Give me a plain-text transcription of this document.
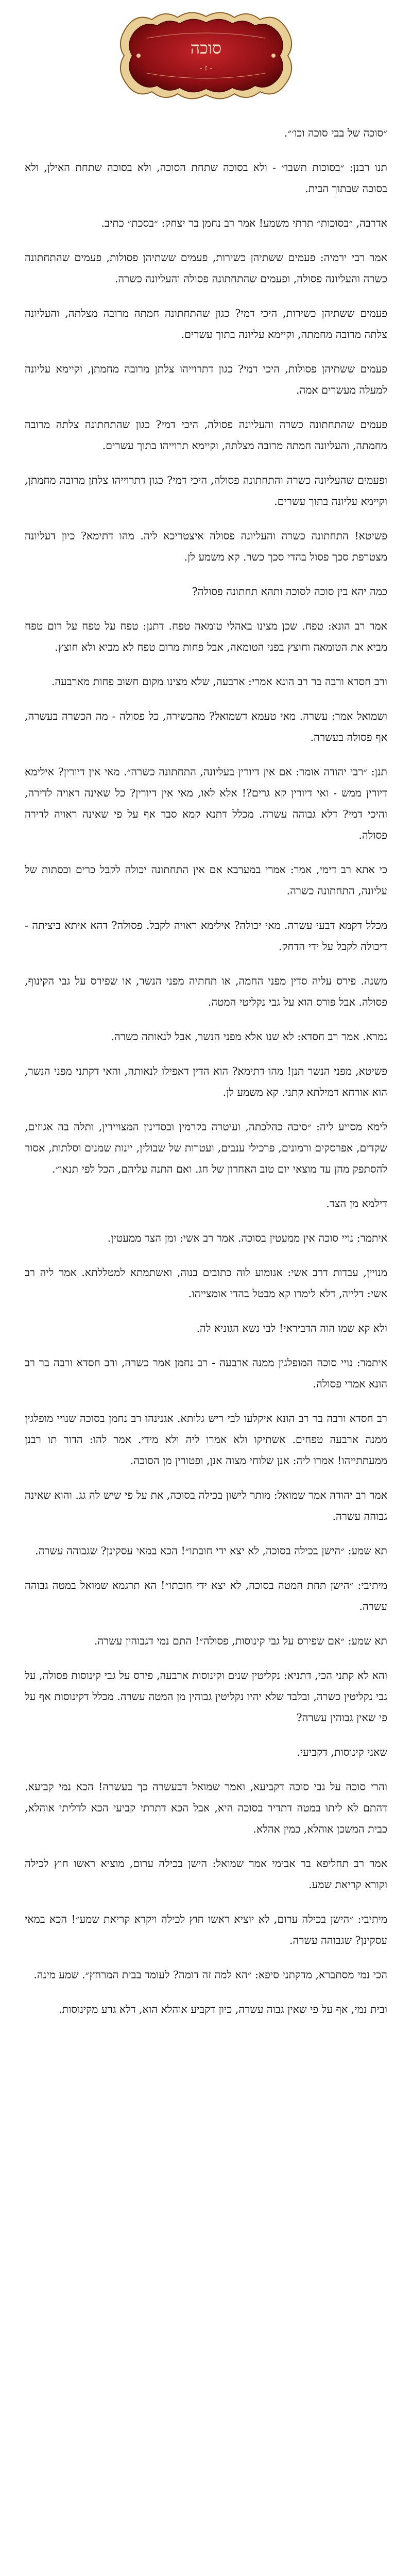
סוכה
- ז -

״סוכה של בבי סוכה וכו׳״.

תנו רבנן: ״בסוכות תשבו״ - ולא בסוכה שתחת הסוכה, ולא בסוכה שתחת האילן, ולא בסוכה שבתוך הבית.

אדרבה, ״בסוכות״ תרתי משמע! אמר רב נחמן בר יצחק: ״בסכת״ כתיב.

אמר רבי ירמיה: פעמים ששתיהן כשירות, פעמים ששתיהן פסולות, פעמים שהתחתונה כשרה והעליונה פסולה, ופעמים שהתחתונה פסולה והעליונה כשרה.

פעמים ששתיהן כשירות, היכי דמי? כגון שהתחתונה חמתה מרובה מצלתה, והעליונה צלתה מרובה מחמתה, וקיימא עליונה בתוך עשרים.

פעמים ששתיהן פסולות, היכי דמי? כגון דתרוייהו צלתן מרובה מחמתן, וקיימא עליונה למעלה מעשרים אמה.

פעמים שהתחתונה כשרה והעליונה פסולה, היכי דמי? כגון שהתחתונה צלתה מרובה מחמתה, והעליונה חמתה מרובה מצלתה, וקיימא תרוייהו בתוך עשרים.

ופעמים שהעליונה כשרה והתחתונה פסולה, היכי דמי? כגון דתרוייהו צלתן מרובה מחמתן, וקיימא עליונה בתוך עשרים.

פשיטא! התחתונה כשרה והעליונה פסולה איצטריכא ליה. מהו דתימא? כיון דעליונה מצטרפת סכך פסול בהדי סכך כשר. קא משמע לן.

כמה יהא בין סוכה לסוכה ותהא תחתונה פסולה?

אמר רב הונא: טפח. שכן מצינו באהלי טומאה טפח. דתנן: טפח על טפח על רום טפח מביא את הטומאה וחוצץ בפני הטומאה, אבל פחות מרום טפח לא מביא ולא חוצץ.

ורב חסדא ורבה בר רב הונא אמרי: ארבעה, שלא מצינו מקום חשוב פחות מארבעה.

ושמואל אמר: עשרה. מאי טעמא דשמואל? מהכשירה, כל פסולה - מה הכשרה בעשרה, אף פסולה בעשרה.

תנן: ״רבי יהודה אומר: אם אין דיורין בעליונה, התחתונה כשרה״. מאי אין דיורין? אילימא דיורין ממש - ואי דיורין קא גרים?! אלא לאו, מאי אין דיורין? כל שאינה ראויה לדירה, והיכי דמי? דלא גבוהה עשרה. מכלל דתנא קמא סבר אף על פי שאינה ראויה לדירה פסולה.

כי אתא רב דימי, אמר: אמרי במערבא אם אין התחתונה יכולה לקבל כרים וכסתות של עליונה, התחתונה כשרה.

מכלל דקמא דבעי עשרה. מאי יכולה? אילימא ראויה לקבל. פסולה? דהא איתא ביציתה - דיכולה לקבל על ידי הדחק.

משנה. פירס עליה סדין מפני החמה, או תחתיה מפני הנשר, או שפירס על גבי הקינוף, פסולה. אבל פורס הוא על גבי נקליטי המטה.

גמרא. אמר רב חסדא: לא שנו אלא מפני הנשר, אבל לנאותה כשרה.

פשיטא, מפני הנשר תנן! מהו דתימא? הוא הדין דאפילו לנאותה, והאי דקתני מפני הנשר, הוא אורחא דמילתא קתני. קא משמע לן.

לימא מסייע ליה: ״סיכה כהלכתה, ועיטרה בקרמין ובסדינין המצויירין, ותלה בה אגוזים, שקדים, אפרסקים ורמונים, פרכילי ענבים, ועטרות של שבולין, יינות שמנים וסלתות, אסור להסתפק מהן עד מוצאי יום טוב האחרון של חג. ואם התנה עליהם, הכל לפי תנאו״.

דילמא מן הצד.

איתמר: נויי סוכה אין ממעטין בסוכה. אמר רב אשי: ומן הצד ממעטין.

מנויין, עבדות דרב אשי: אגומוע לוה כתובים בנוה, ואשתמתא למטללתא. אמר ליה רב אשי: דלייה, דלא לימרו קא מבטל בהדי אומצייהו.

ולא קא שמו הוה הדביראי! לבי נשא הגוניא לה.

איתמר: נויי סוכה המופלגין ממנה ארבעה - רב נחמן אמר כשרה, ורב חסדא ורבה בר רב הונא אמרי פסולה.

רב חסדא ורבה בר רב הונא איקלעו לבי ריש גלותא. אגנינהו רב נחמן בסוכה שנויי מופלגין ממנה ארבעה טפחים. אשתיקו ולא אמרו ליה ולא מידי. אמר להו: הדור תו רבנן ממעתתייהו! אמרו ליה: אנן שלוחי מצוה אנן, ופטורין מן הסוכה.

אמר רב יהודה אמר שמואל: מותר לישון בכילה בסוכה, את על פי שיש לה גג. והוא שאינה גבוהה עשרה.

תא שמע: ״הישן בכילה בסוכה, לא יצא ידי חובתו״! הכא במאי עסקינן? שגבוהה עשרה.

מיתיבי: ״הישן תחת המטה בסוכה, לא יצא ידי חובתו״! הא תרגמא שמואל במטה גבוהה עשרה.

תא שמע: ״אם שפירס על גבי קינוסות, פסולה״! התם נמי דגבוהין עשרה.

והא לא קתני הכי, דתניא: נקליטין שנים וקינוסות ארבעה, פירס על גבי קינוסות פסולה, על גבי נקליטין כשרה, ובלבד שלא יהיו נקליטין גבוהין מן המטה עשרה. מכלל דקינוסות אף על פי שאין גבוהין עשרה?

שאני קינוסות, דקביעי.

והרי סוכה על גבי סוכה דקביעא, ואמר שמואל דבעשרה כך בעשרה! הכא נמי קביעא. דהתם לא ליתו במטה דתדיר בסוכה היא, אבל הכא דתרתי קביעי הכא לדליתי אוהלא, כבית המשכן אוהלא, כמין אהלא.

אמר רב תחליפא בר אבימי אמר שמואל: הישן בכילה ערום, מוציא ראשו חוץ לכילה וקורא קריאת שמע.

מיתיבי: ״הישן בכילה ערום, לא יוציא ראשו חוץ לכילה ויקרא קריאת שמע״! הכא במאי עסקינן? שגבוהה עשרה.

הכי נמי מסתברא, מדקתני סיפא: ״הא למה זה דומה? לעומד בבית המרחץ״. שמע מינה.

ובית נמי, אף על פי שאין גבוה עשרה, כיון דקביע אוהלא הוא, דלא גרע מקינוסות.
